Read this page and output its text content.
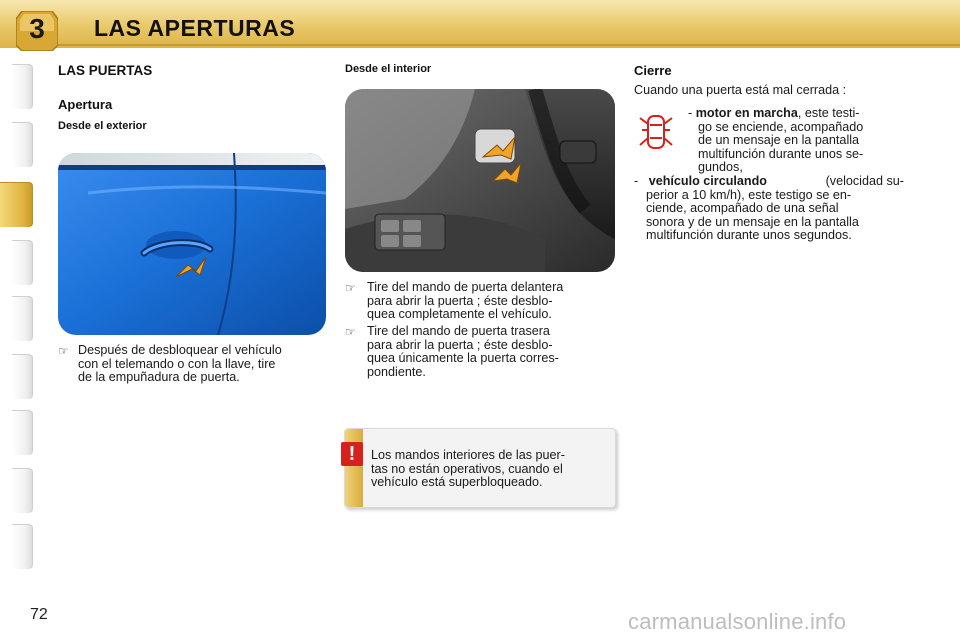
3	LAS APERTURAS
LAS PUERTAS
Apertura
Desde el exterior
☞ Después de desbloquear el vehículo
con el telemando o con la llave, tire
de la empuñadura de puerta.
Desde el interior
☞ Tire del mando de puerta delantera
para abrir la puerta ; éste desblo-
quea completamente el vehículo.
☞ Tire del mando de puerta trasera
para abrir la puerta ; éste desblo-
quea únicamente la puerta corres-
pondiente.
Los mandos interiores de las puer-
tas no están operativos, cuando el
vehículo está superbloqueado.
!
Cierre
Cuando una puerta está mal cerrada :
- motor en marcha, este testi-
go se enciende, acompañado
de un mensaje en la pantalla
multifunción durante unos se-
gundos,
- vehículo circulando	(velocidad su-
perior a 10 km/h), este testigo se en-
ciende, acompañado de una señal
sonora y de un mensaje en la pantalla
multifunción durante unos segundos.
72	carmanualsonline.info
